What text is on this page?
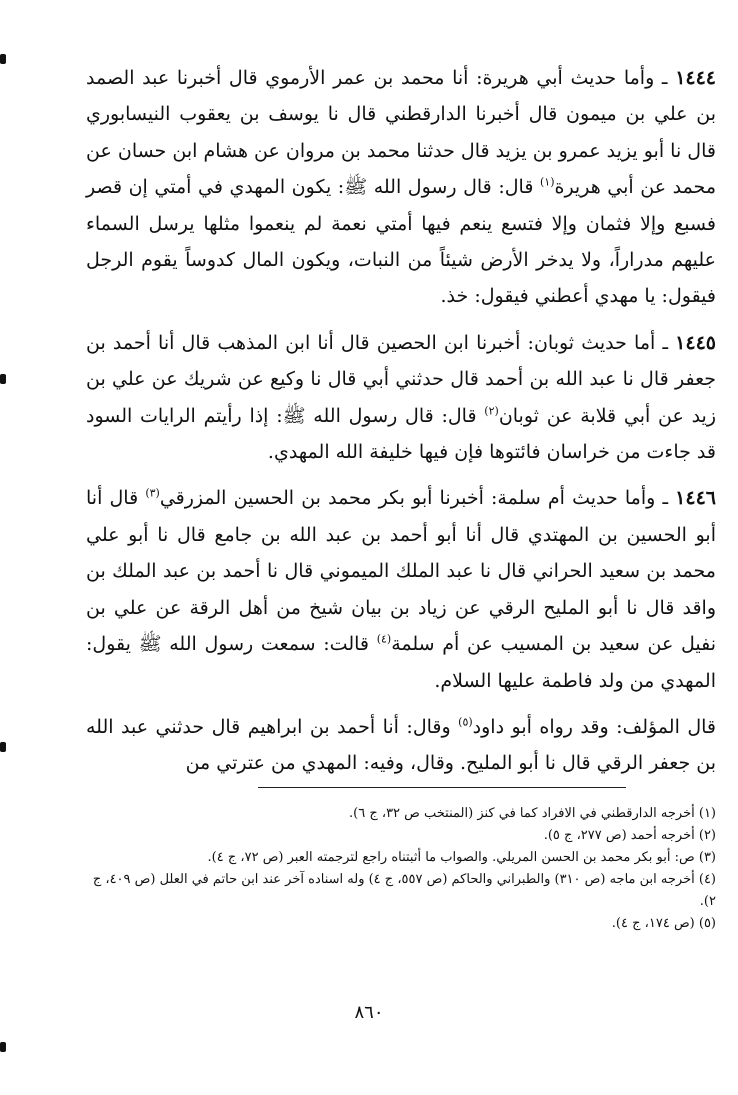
١٤٤٤ ـ وأما حديث أبي هريرة: أنا محمد بن عمر الأرموي قال أخبرنا عبد الصمد بن علي بن ميمون قال أخبرنا الدارقطني قال نا يوسف بن يعقوب النيسابوري قال نا أبو يزيد عمرو بن يزيد قال حدثنا محمد بن مروان عن هشام ابن حسان عن محمد عن أبي هريرة$^{(١)}$ قال: قال رسول الله ﷺ: يكون المهدي في أمتي إن قصر فسبع وإلا فثمان وإلا فتسع ينعم فيها أمتي نعمة لم ينعموا مثلها يرسل السماء عليهم مدراراً، ولا يدخر الأرض شيئاً من النبات، ويكون المال كدوساً يقوم الرجل فيقول: يا مهدي أعطني فيقول: خذ.

١٤٤٥ ـ أما حديث ثوبان: أخبرنا ابن الحصين قال أنا ابن المذهب قال أنا أحمد بن جعفر قال نا عبد الله بن أحمد قال حدثني أبي قال نا وكيع عن شريك عن علي بن زيد عن أبي قلابة عن ثوبان$^{(٢)}$ قال: قال رسول الله ﷺ: إذا رأيتم الرايات السود قد جاءت من خراسان فائتوها فإن فيها خليفة الله المهدي.

١٤٤٦ ـ وأما حديث أم سلمة: أخبرنا أبو بكر محمد بن الحسين المزرقي$^{(٣)}$ قال أنا أبو الحسين بن المهتدي قال أنا أبو أحمد بن عبد الله بن جامع قال نا أبو علي محمد بن سعيد الحراني قال نا عبد الملك الميموني قال نا أحمد بن عبد الملك بن واقد قال نا أبو المليح الرقي عن زياد بن بيان شيخ من أهل الرقة عن علي بن نفيل عن سعيد بن المسيب عن أم سلمة$^{(٤)}$ قالت: سمعت رسول الله ﷺ يقول: المهدي من ولد فاطمة عليها السلام.

قال المؤلف: وقد رواه أبو داود$^{(٥)}$ وقال: أنا أحمد بن ابراهيم قال حدثني عبد الله بن جعفر الرقي قال نا أبو المليح. وقال، وفيه: المهدي من عترتي من

(١) أخرجه الدارقطني في الافراد كما في كنز (المنتخب ص ٣٢، ج ٦).

(٢) أخرجه أحمد (ص ٢٧٧، ج ٥).

(٣) ص: أبو بكر محمد بن الحسن المريلي. والصواب ما أثبتناه راجع لترجمته العبر (ص ٧٢، ج ٤).

(٤) أخرجه ابن ماجه (ص ٣١٠) والطبراني والحاكم (ص ٥٥٧، ج ٤) وله اسناده آخر عند ابن حاتم في العلل (ص ٤٠٩، ج ٢).

(٥) (ص ١٧٤، ج ٤).

٨٦٠
